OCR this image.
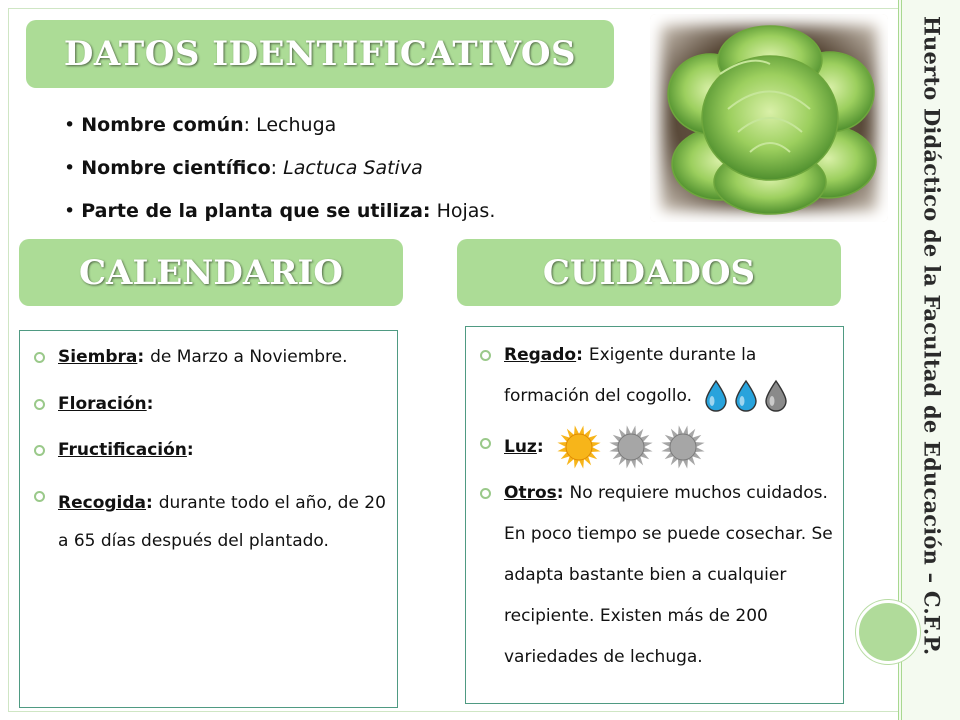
Huerto Didáctico de la Facultad de Educación – C.F.P.
DATOS IDENTIFICATIVOS
CALENDARIO	CUIDADOS
• Nombre común: Lechuga
• Nombre científico: Lactuca Sativa
• Parte de la planta que se utiliza: Hojas.
Siembra: de Marzo a Noviembre.
Floración:
Fructificación:
Recogida: durante todo el año, de 20 a 65 días después del plantado.
Regado: Exigente durante la formación del cogollo.
Luz:
Otros: No requiere muchos cuidados. En poco tiempo se puede cosechar. Se adapta bastante bien a cualquier recipiente. Existen más de 200 variedades de lechuga.
